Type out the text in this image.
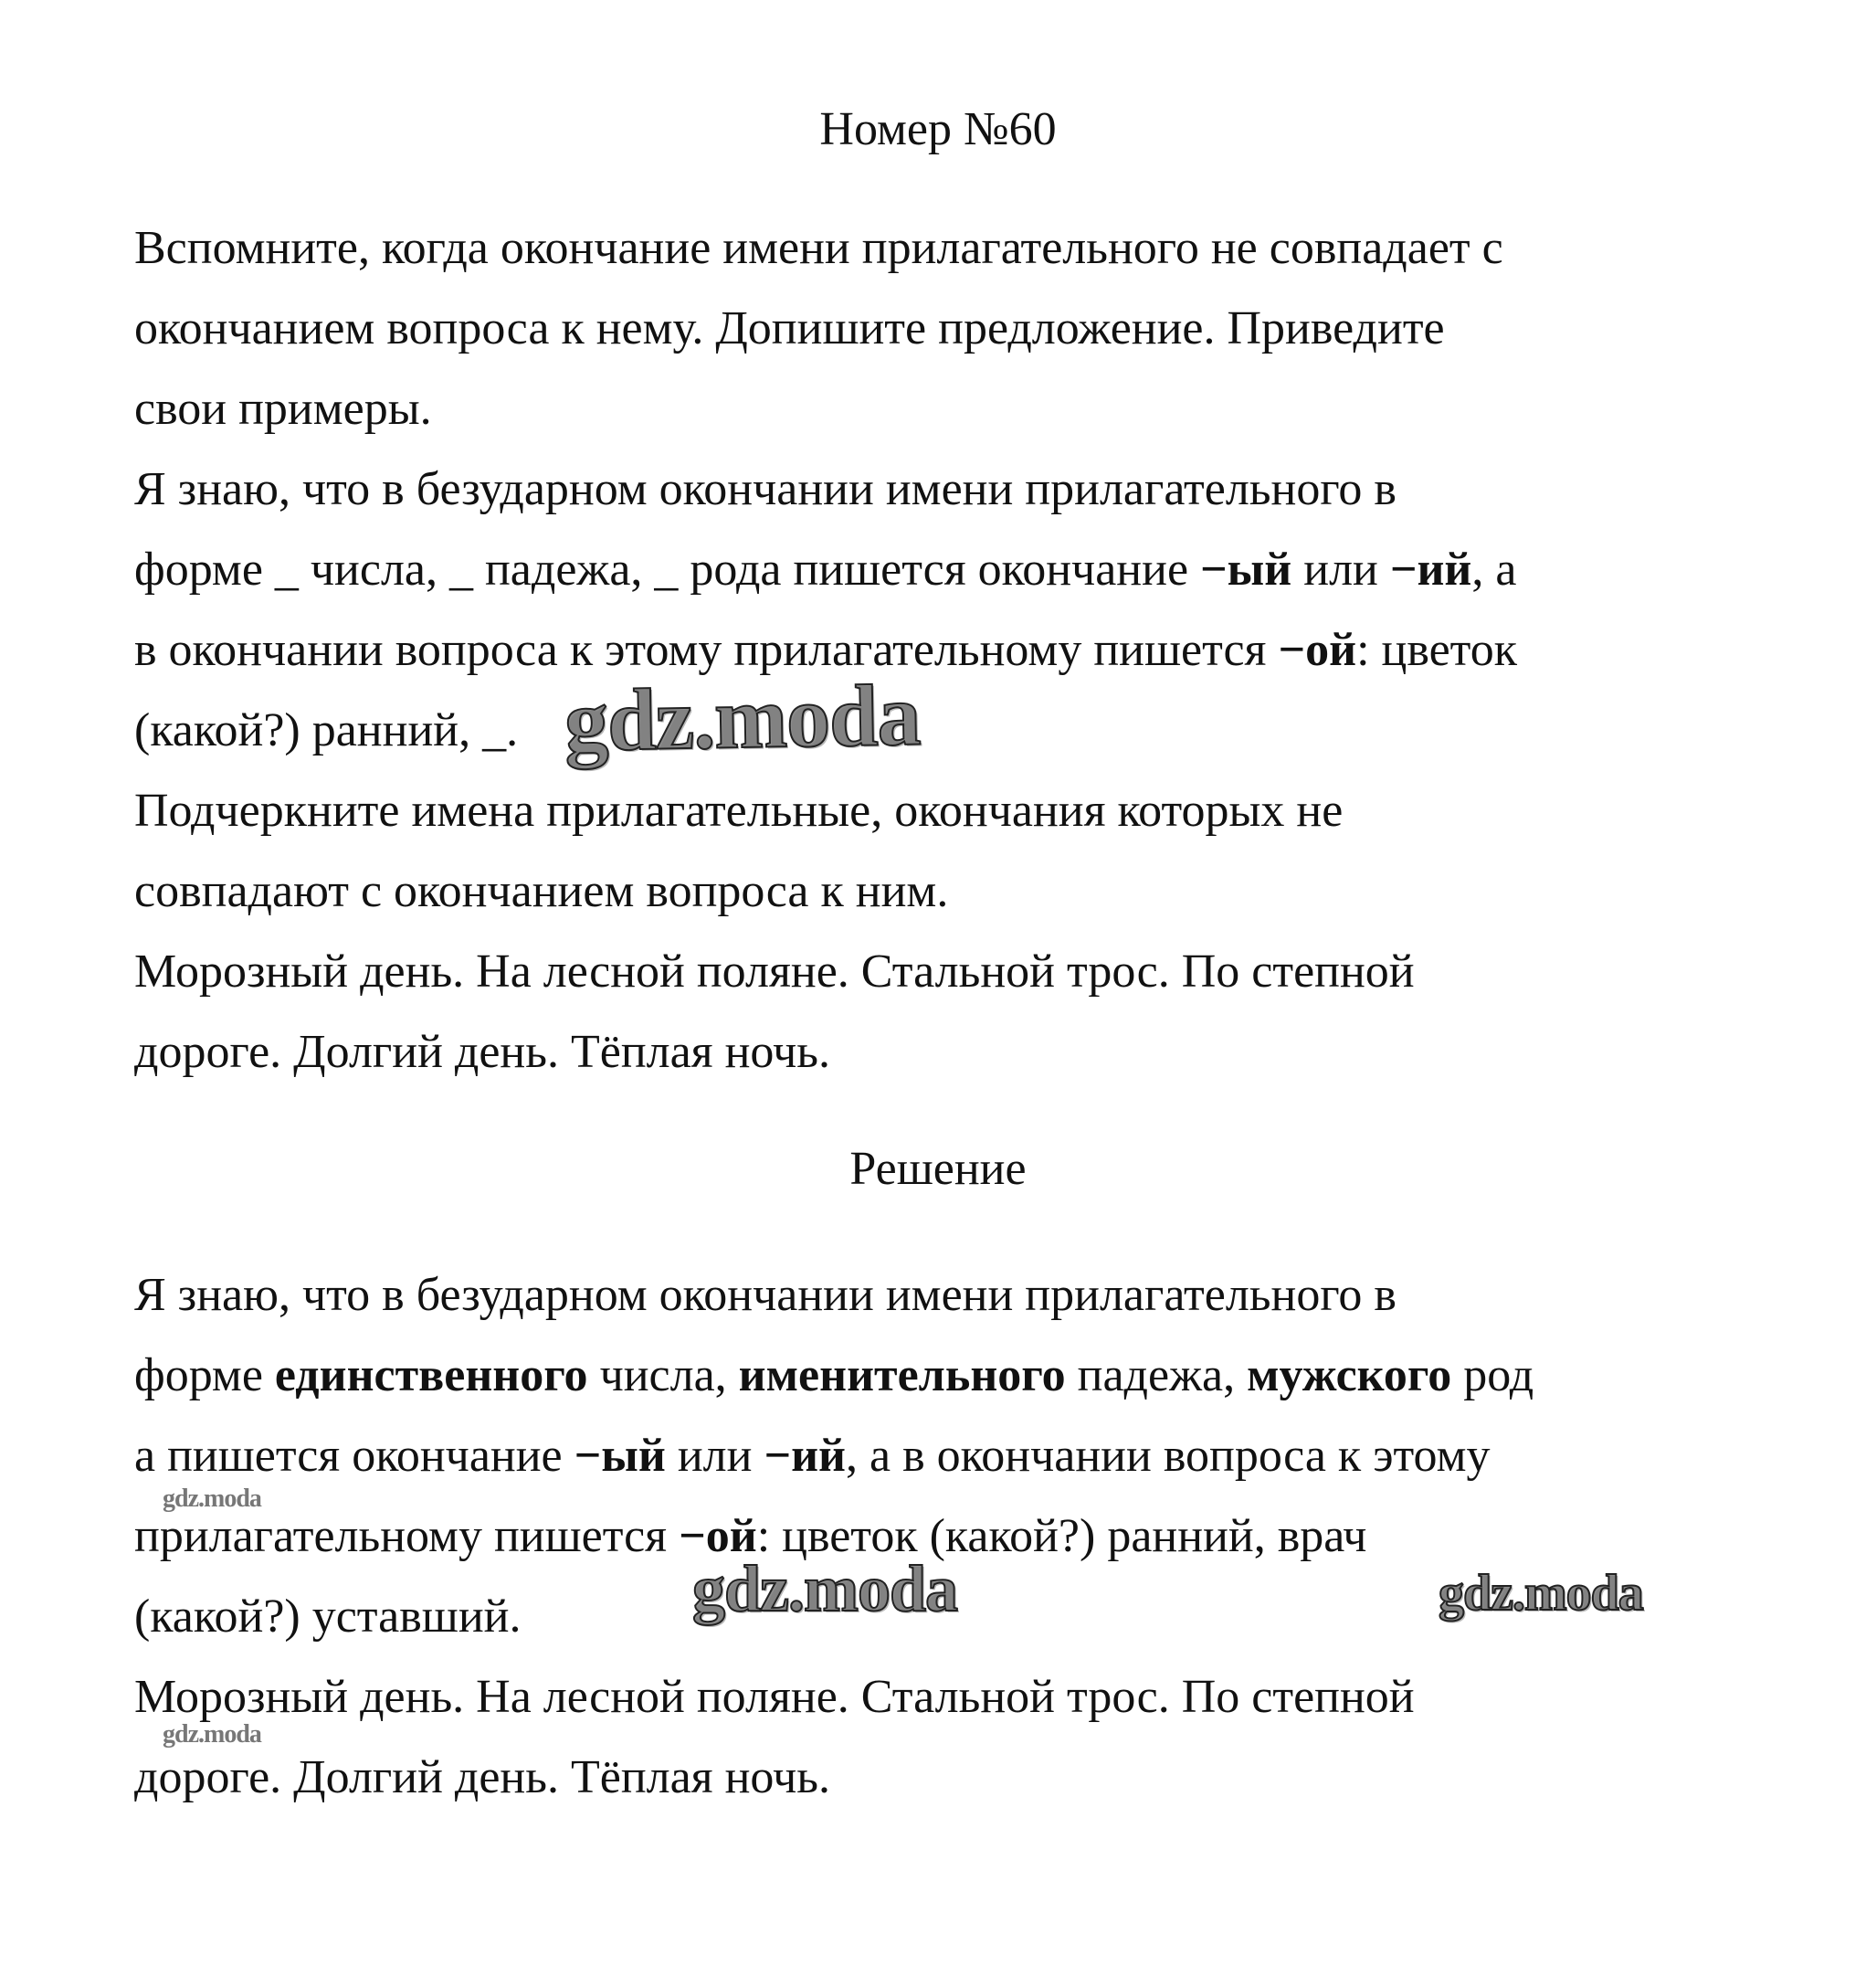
Номер №60

Вспомните, когда окончание имени прилагательного не совпадает с

окончанием вопроса к нему. Допишите предложение. Приведите

свои примеры.

Я знаю, что в безударном окончании имени прилагательного в

форме _ числа, _ падежа, _ рода пишется окончание −ый или −ий, а

в окончании вопроса к этому прилагательному пишется −ой: цветок

(какой?) ранний, _.

Подчеркните имена прилагательные, окончания которых не

совпадают с окончанием вопроса к ним.

Морозный день. На лесной поляне. Стальной трос. По степной

дороге. Долгий день. Тёплая ночь.

Решение

Я знаю, что в безударном окончании имени прилагательного в

форме единственного числа, именительного падежа, мужского род

а пишется окончание −ый или −ий, а в окончании вопроса к этому

прилагательному пишется −ой: цветок (какой?) ранний, врач

(какой?) уставший.

Морозный день. На лесной поляне. Стальной трос. По степной

дороге. Долгий день. Тёплая ночь.

gdz.moda
gdz.moda
gdz.moda	gdz.moda
gdz.moda
